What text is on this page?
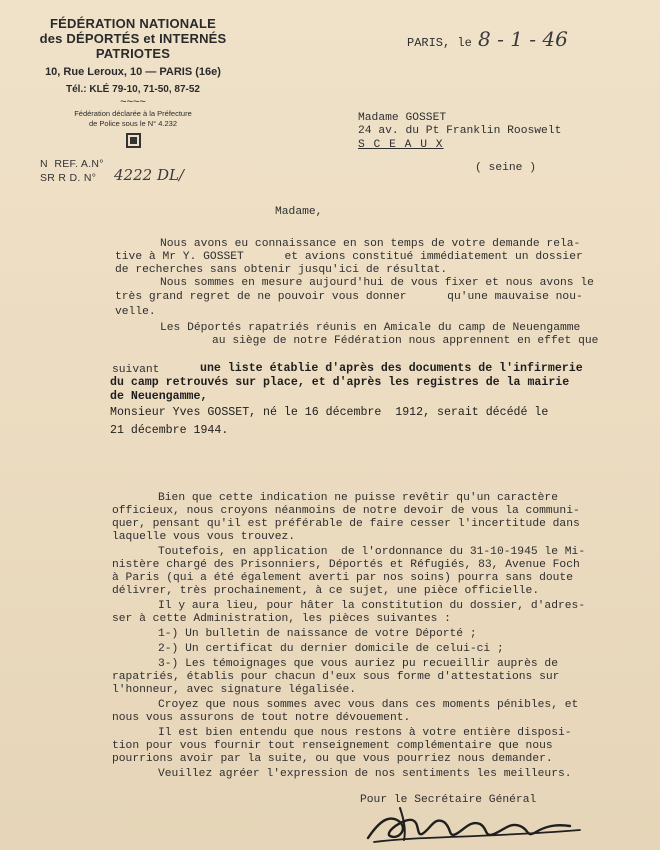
FÉDÉRATION NATIONALE
des DÉPORTÉS et INTERNÉS
PATRIOTES
10, Rue Leroux, 10 — PARIS (16e)
Tél.: KLÉ 79-10, 71-50, 87-52
~~~~
Fédération déclarée à la Préfecture
de Police sous le N° 4.232
N  REF. A.N°
SR R D. N° 4222 DL/
PARIS, le 8 - 1 - 46
Madame GOSSET
24 av. du Pt Franklin Rooswelt
S C E A U X
( seine )
Madame,
Nous avons eu connaissance en son temps de votre demande rela-
tive à Mr Y. GOSSET      et avions constitué immédiatement un dossier
de recherches sans obtenir jusqu'ici de résultat.
Nous sommes en mesure aujourd'hui de vous fixer et nous avons le
très grand regret de ne pouvoir vous donner      qu'une mauvaise nou-
velle.
Les Déportés rapatriés réunis en Amicale du camp de Neuengamme
au siège de notre Fédération nous apprennent en effet que
suivant	une liste établie d'après des documents de l'infirmerie
du camp retrouvés sur place, et d'après les registres de la mairie
de Neuengamme,
Monsieur Yves GOSSET, né le 16 décembre  1912, serait décédé le
21 décembre 1944.
Bien que cette indication ne puisse revêtir qu'un caractère
officieux, nous croyons néanmoins de notre devoir de vous la communi-
quer, pensant qu'il est préférable de faire cesser l'incertitude dans
laquelle vous vous trouvez.
Toutefois, en application  de l'ordonnance du 31-10-1945 le Mi-
nistère chargé des Prisonniers, Déportés et Réfugiés, 83, Avenue Foch
à Paris (qui a été également averti par nos soins) pourra sans doute
délivrer, très prochainement, à ce sujet, une pièce officielle.
Il y aura lieu, pour hâter la constitution du dossier, d'adres-
ser à cette Administration, les pièces suivantes :
1-) Un bulletin de naissance de votre Déporté ;
2-) Un certificat du dernier domicile de celui-ci ;
3-) Les témoignages que vous auriez pu recueillir auprès de
rapatriés, établis pour chacun d'eux sous forme d'attestations sur
l'honneur, avec signature légalisée.
Croyez que nous sommes avec vous dans ces moments pénibles, et
nous vous assurons de tout notre dévouement.
Il est bien entendu que nous restons à votre entière disposi-
tion pour vous fournir tout renseignement complémentaire que nous
pourrions avoir par la suite, ou que vous pourriez nous demander.
Veuillez agréer l'expression de nos sentiments les meilleurs.
Pour le Secrétaire Général
